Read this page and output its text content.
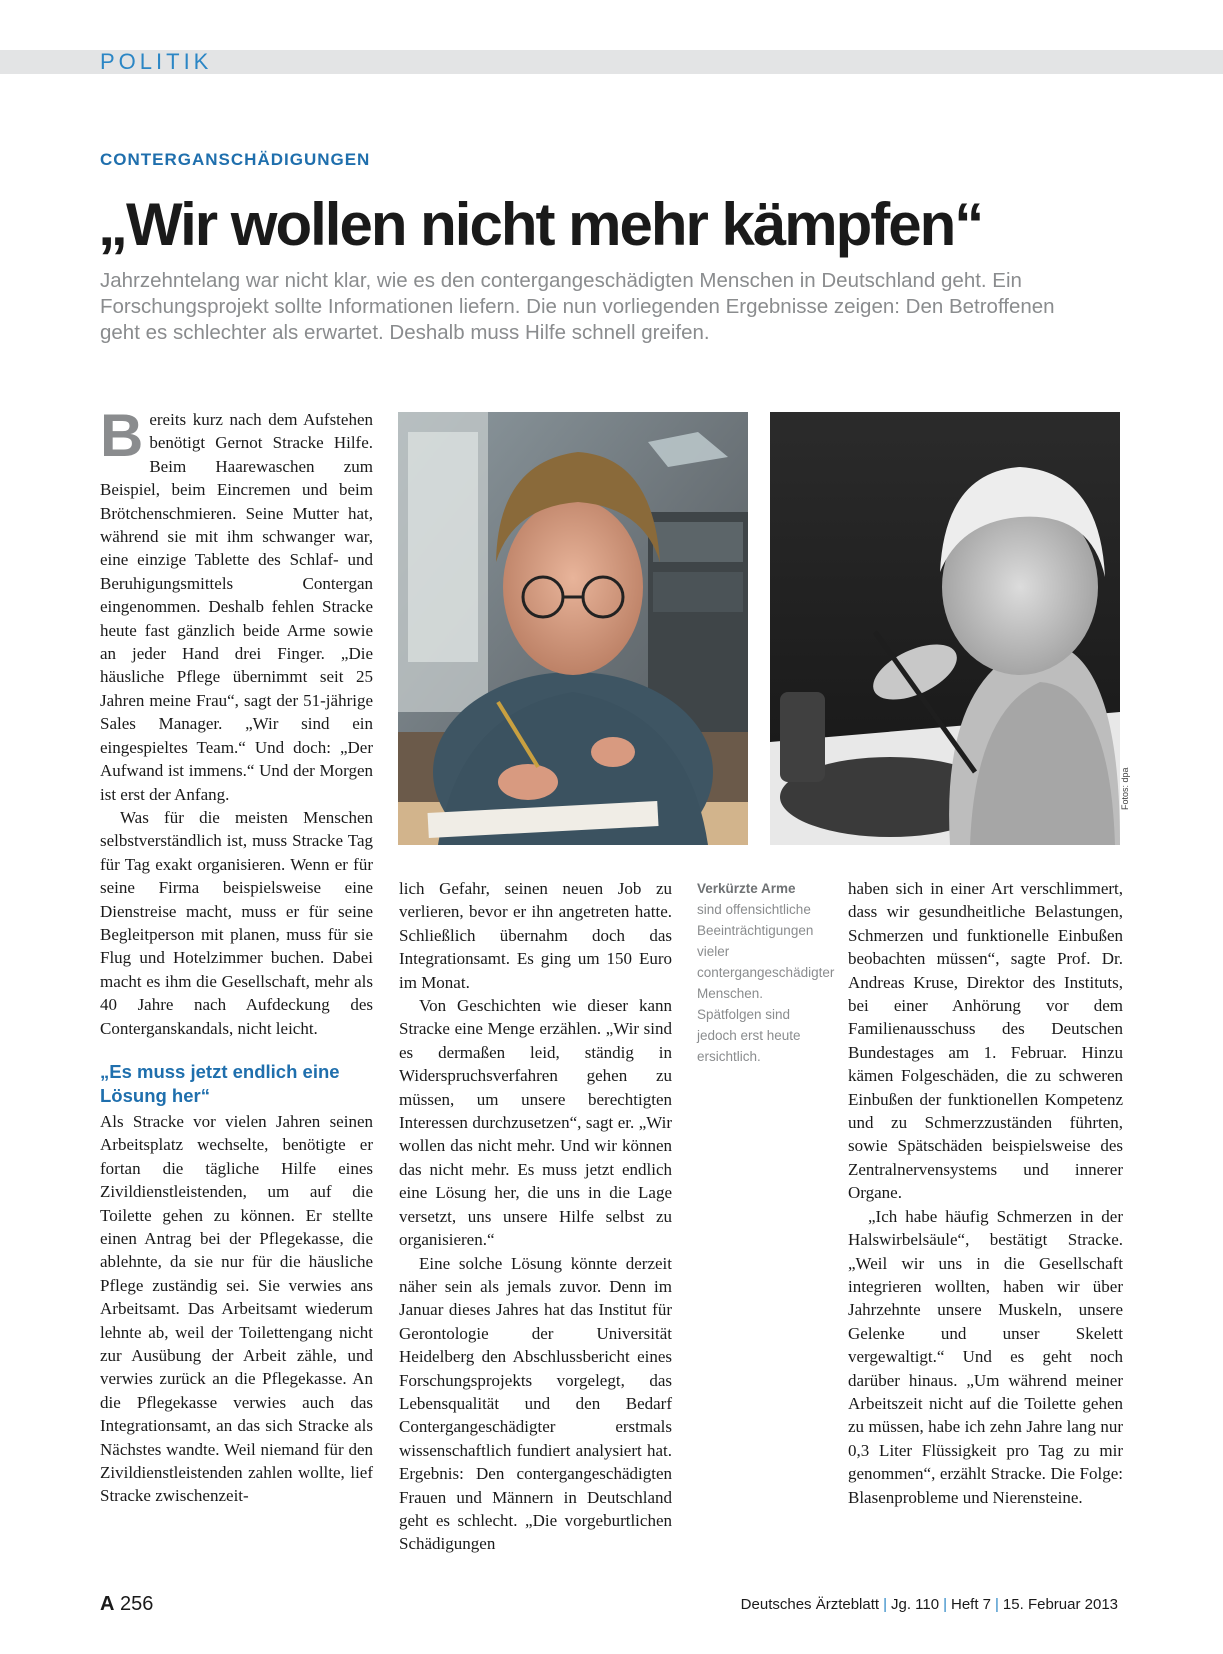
POLITIK
CONTERGANSCHÄDIGUNGEN
„Wir wollen nicht mehr kämpfen“
Jahrzehntelang war nicht klar, wie es den contergangeschädigten Menschen in Deutschland geht. Ein Forschungsprojekt sollte Informationen liefern. Die nun vorliegenden Ergebnisse zeigen: Den Betroffenen geht es schlechter als erwartet. Deshalb muss Hilfe schnell greifen.

Bereits kurz nach dem Aufstehen benötigt Gernot Stracke Hilfe. Beim Haarewaschen zum Beispiel, beim Eincremen und beim Brötchenschmieren. Seine Mutter hat, während sie mit ihm schwanger war, eine einzige Tablette des Schlaf- und Beruhigungsmittels Contergan eingenommen. Deshalb fehlen Stracke heute fast gänzlich beide Arme sowie an jeder Hand drei Finger. „Die häusliche Pflege übernimmt seit 25 Jahren meine Frau“, sagt der 51-jährige Sales Manager. „Wir sind ein eingespieltes Team.“ Und doch: „Der Aufwand ist immens.“ Und der Morgen ist erst der Anfang.

Was für die meisten Menschen selbstverständlich ist, muss Stracke Tag für Tag exakt organisieren. Wenn er für seine Firma beispielsweise eine Dienstreise macht, muss er für seine Begleitperson mit planen, muss für sie Flug und Hotelzimmer buchen. Dabei macht es ihm die Gesellschaft, mehr als 40 Jahre nach Aufdeckung des Conterganskandals, nicht leicht.

„Es muss jetzt endlich eine Lösung her“

Als Stracke vor vielen Jahren seinen Arbeitsplatz wechselte, benötigte er fortan die tägliche Hilfe eines Zivildienstleistenden, um auf die Toilette gehen zu können. Er stellte einen Antrag bei der Pflegekasse, die ablehnte, da sie nur für die häusliche Pflege zuständig sei. Sie verwies ans Arbeitsamt. Das Arbeitsamt wiederum lehnte ab, weil der Toilettengang nicht zur Ausübung der Arbeit zähle, und verwies zurück an die Pflegekasse. An die Pflegekasse verwies auch das Integrationsamt, an das sich Stracke als Nächstes wandte. Weil niemand für den Zivildienstleistenden zahlen wollte, lief Stracke zwischenzeit-

Fotos: dpa

lich Gefahr, seinen neuen Job zu verlieren, bevor er ihn angetreten hatte. Schließlich übernahm doch das Integrationsamt. Es ging um 150 Euro im Monat.

Von Geschichten wie dieser kann Stracke eine Menge erzählen. „Wir sind es dermaßen leid, ständig in Widerspruchsverfahren gehen zu müssen, um unsere berechtigten Interessen durchzusetzen“, sagt er. „Wir wollen das nicht mehr. Und wir können das nicht mehr. Es muss jetzt endlich eine Lösung her, die uns in die Lage versetzt, uns unsere Hilfe selbst zu organisieren.“

Eine solche Lösung könnte derzeit näher sein als jemals zuvor. Denn im Januar dieses Jahres hat das Institut für Gerontologie der Universität Heidelberg den Abschlussbericht eines Forschungsprojekts vorgelegt, das Lebensqualität und den Bedarf Contergangeschädigter erstmals wissenschaftlich fundiert analysiert hat. Ergebnis: Den contergangeschädigten Frauen und Männern in Deutschland geht es schlecht. „Die vorgeburtlichen Schädigungen

Verkürzte Arme
sind offensichtliche Beeinträchtigungen vieler contergangeschädigter Menschen. Spätfolgen sind jedoch erst heute ersichtlich.

haben sich in einer Art verschlimmert, dass wir gesundheitliche Belastungen, Schmerzen und funktionelle Einbußen beobachten müssen“, sagte Prof. Dr. Andreas Kruse, Direktor des Instituts, bei einer Anhörung vor dem Familienausschuss des Deutschen Bundestages am 1. Februar. Hinzu kämen Folgeschäden, die zu schweren Einbußen der funktionellen Kompetenz und zu Schmerzzuständen führten, sowie Spätschäden beispielsweise des Zentralnervensystems und innerer Organe.

„Ich habe häufig Schmerzen in der Halswirbelsäule“, bestätigt Stracke. „Weil wir uns in die Gesellschaft integrieren wollten, haben wir über Jahrzehnte unsere Muskeln, unsere Gelenke und unser Skelett vergewaltigt.“ Und es geht noch darüber hinaus. „Um während meiner Arbeitszeit nicht auf die Toilette gehen zu müssen, habe ich zehn Jahre lang nur 0,3 Liter Flüssigkeit pro Tag zu mir genommen“, erzählt Stracke. Die Folge: Blasenprobleme und Nierensteine.

A 256	Deutsches Ärzteblatt | Jg. 110 | Heft 7 | 15. Februar 2013
